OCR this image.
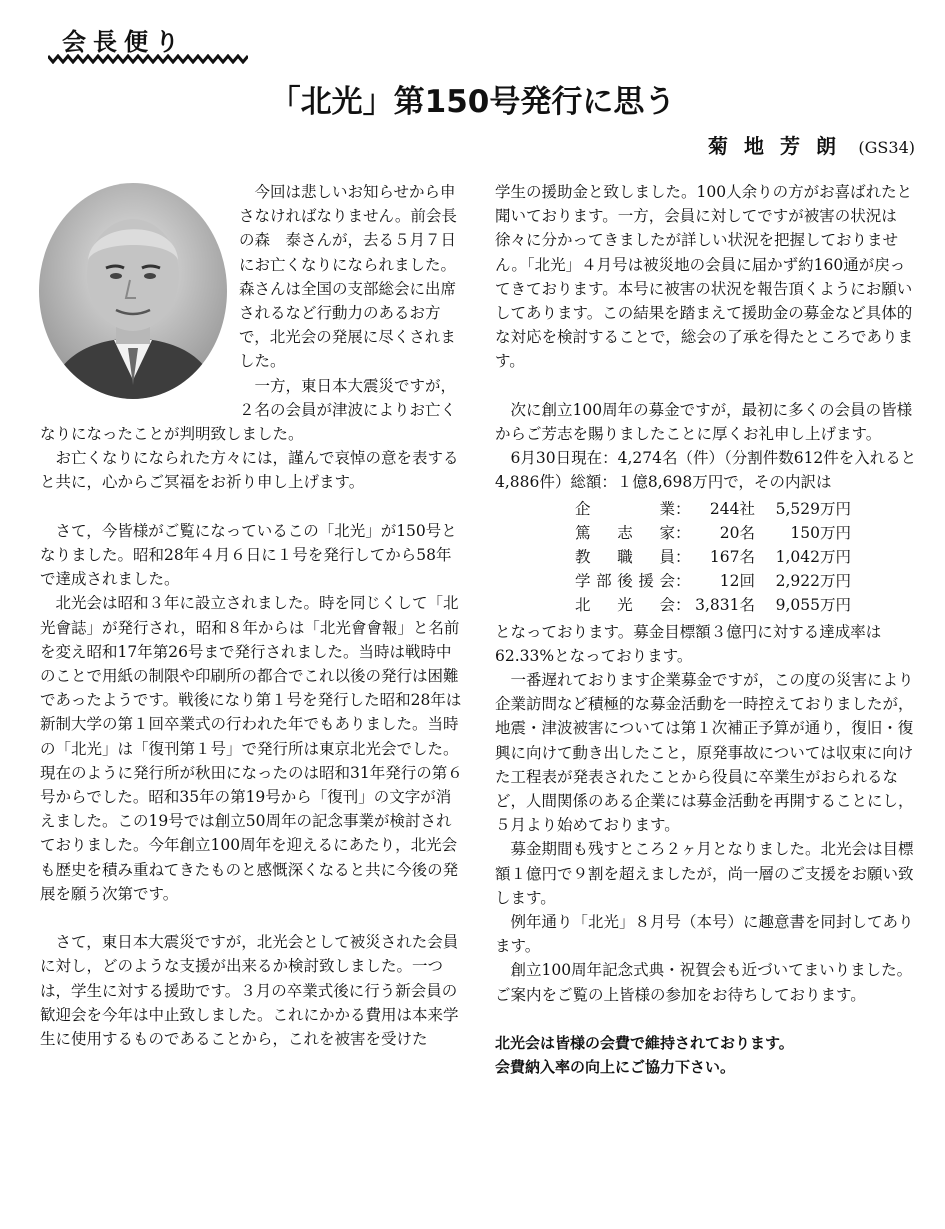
会長便り
「北光」第150号発行に思う
菊地芳朗 (GS34)

今回は悲しいお知らせから申さなければなりません。前会長の森　泰さんが，去る５月７日にお亡くなりになられました。森さんは全国の支部総会に出席されるなど行動力のあるお方で，北光会の発展に尽くされました。

一方，東日本大震災ですが，２名の会員が津波によりお亡くなりになったことが判明致しました。

お亡くなりになられた方々には，謹んで哀悼の意を表すると共に，心からご冥福をお祈り申し上げます。

さて，今皆様がご覧になっているこの「北光」が150号となりました。昭和28年４月６日に１号を発行してから58年で達成されました。

北光会は昭和３年に設立されました。時を同じくして「北光會誌」が発行され，昭和８年からは「北光會會報」と名前を変え昭和17年第26号まで発行されました。当時は戦時中のことで用紙の制限や印刷所の都合でこれ以後の発行は困難であったようです。戦後になり第１号を発行した昭和28年は新制大学の第１回卒業式の行われた年でもありました。当時の「北光」は「復刊第１号」で発行所は東京北光会でした。現在のように発行所が秋田になったのは昭和31年発行の第６号からでした。昭和35年の第19号から「復刊」の文字が消えました。この19号では創立50周年の記念事業が検討されておりました。今年創立100周年を迎えるにあたり，北光会も歴史を積み重ねてきたものと感慨深くなると共に今後の発展を願う次第です。

さて，東日本大震災ですが，北光会として被災された会員に対し，どのような支援が出来るか検討致しました。一つは，学生に対する援助です。３月の卒業式後に行う新会員の歓迎会を今年は中止致しました。これにかかる費用は本来学生に使用するものであることから，これを被害を受けた

学生の援助金と致しました。100人余りの方がお喜ばれたと聞いております。一方，会員に対してですが被害の状況は徐々に分かってきましたが詳しい状況を把握しておりません。「北光」４月号は被災地の会員に届かず約160通が戻ってきております。本号に被害の状況を報告頂くようにお願いしてあります。この結果を踏まえて援助金の募金など具体的な対応を検討することで，総会の了承を得たところであります。

次に創立100周年の募金ですが，最初に多くの会員の皆様からご芳志を賜りましたことに厚くお礼申し上げます。

6月30日現在：4,274名（件）（分割件数612件を入れると4,886件）総額：１億8,698万円で，その内訳は

企業 ：	244社	5,529万円
篤志家 ：	20名	150万円
教職員 ：	167名	1,042万円
学部後援会 ：	12回	2,922万円
北光会 ： 3,831名	9,055万円

となっております。募金目標額３億円に対する達成率は62.33%となっております。

一番遅れております企業募金ですが，この度の災害により企業訪問など積極的な募金活動を一時控えておりましたが，地震・津波被害については第１次補正予算が通り，復旧・復興に向けて動き出したこと，原発事故については収束に向けた工程表が発表されたことから役員に卒業生がおられるなど，人間関係のある企業には募金活動を再開することにし，５月より始めております。

募金期間も残すところ２ヶ月となりました。北光会は目標額１億円で９割を超えましたが，尚一層のご支援をお願い致します。

例年通り「北光」８月号（本号）に趣意書を同封してあります。

創立100周年記念式典・祝賀会も近づいてまいりました。ご案内をご覧の上皆様の参加をお待ちしております。

北光会は皆様の会費で維持されております。
会費納入率の向上にご協力下さい。
